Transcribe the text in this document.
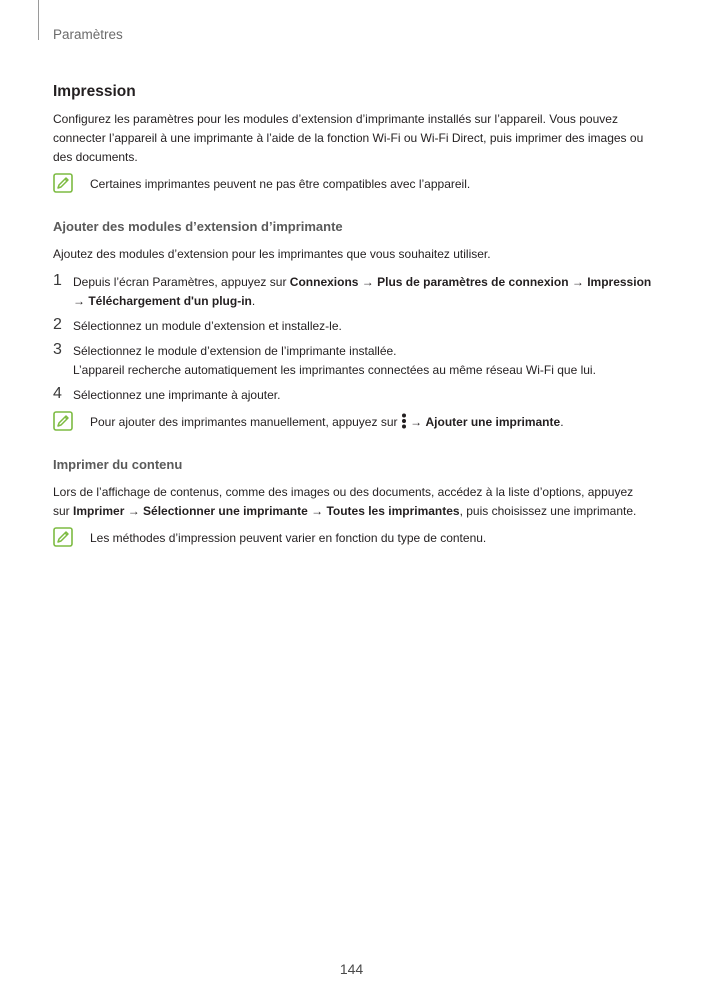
Paramètres
Impression

Configurez les paramètres pour les modules d’extension d’imprimante installés sur l’appareil. Vous pouvez connecter l’appareil à une imprimante à l’aide de la fonction Wi-Fi ou Wi-Fi Direct, puis imprimer des images ou des documents.

Certaines imprimantes peuvent ne pas être compatibles avec l’appareil.
Ajouter des modules d’extension d’imprimante

Ajoutez des modules d’extension pour les imprimantes que vous souhaitez utiliser.

1 Depuis l’écran Paramètres, appuyez sur Connexions → Plus de paramètres de connexion → Impression
→ Téléchargement d'un plug-in.
2 Sélectionnez un module d’extension et installez-le.
3 Sélectionnez le module d’extension de l’imprimante installée.
L’appareil recherche automatiquement les imprimantes connectées au même réseau Wi-Fi que lui.
4 Sélectionnez une imprimante à ajouter.
Pour ajouter des imprimantes manuellement, appuyez sur  → Ajouter une imprimante.
Imprimer du contenu

Lors de l’affichage de contenus, comme des images ou des documents, accédez à la liste d’options, appuyez sur Imprimer → Sélectionner une imprimante → Toutes les imprimantes, puis choisissez une imprimante.

Les méthodes d’impression peuvent varier en fonction du type de contenu.
144
